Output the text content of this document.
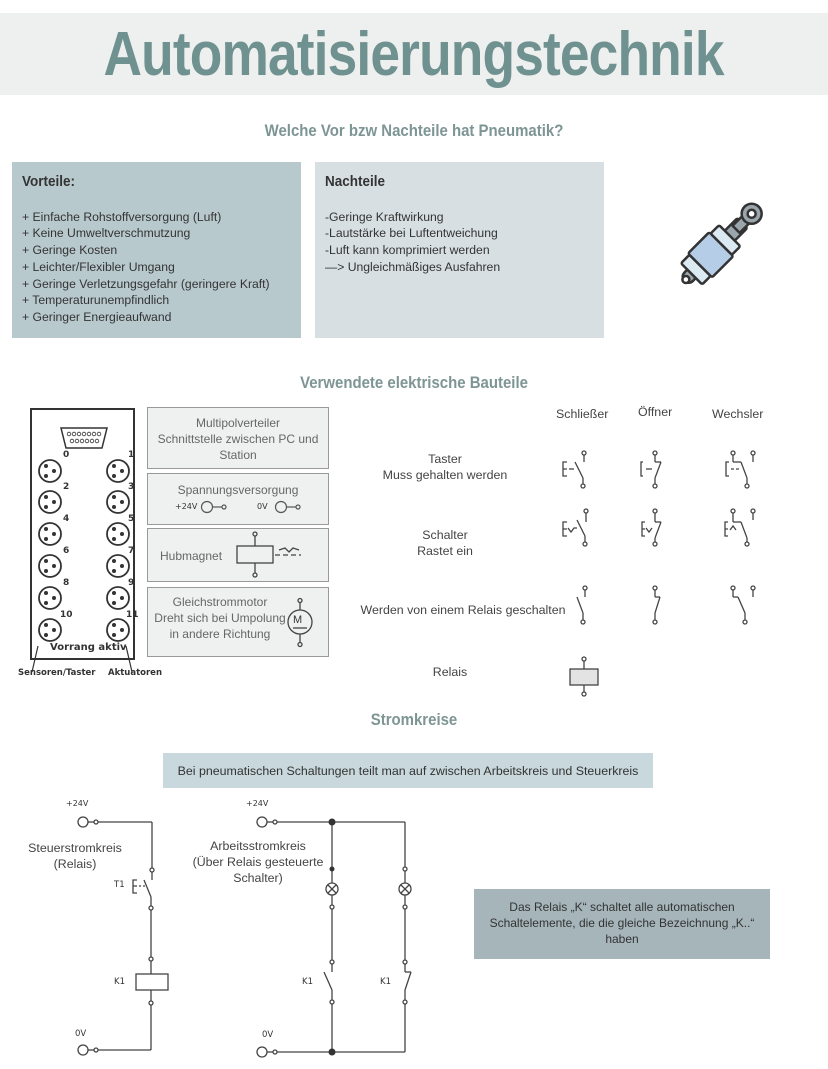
Automatisierungstechnik
Welche Vor bzw Nachteile hat Pneumatik?
Vorteile:
+ Einfache Rohstoffversorgung (Luft)
+ Keine Umweltverschmutzung
+ Geringe Kosten
+ Leichter/Flexibler Umgang
+ Geringe Verletzungsgefahr (geringere Kraft)
+ Temperaturunempfindlich
+ Geringer Energieaufwand
Nachteile
-Geringe Kraftwirkung
-Lautstärke bei Luftentweichung
-Luft kann komprimiert werden
—> Ungleichmäßiges Ausfahren
Verwendete elektrische Bauteile
0	1
2	3
4	5
6	7
8	9
10	11
Vorrang aktiv
Sensoren/Taster Aktuatoren
Multipolverteiler
Schnittstelle zwischen PC und
Station
Spannungsversorgung
+24V	0V
Hubmagnet
Gleichstrommotor
Dreht sich bei Umpolung
in andere Richtung
M
Schließer Öffner	Wechsler
Taster
Muss gehalten werden
Schalter
Rastet ein
Werden von einem Relais geschalten
Relais
Stromkreise
Bei pneumatischen Schaltungen teilt man auf zwischen Arbeitskreis und Steuerkreis
+24V
0V
Steuerstromkreis
(Relais)
T1
K1
+24V
0V
Arbeitsstromkreis
(Über Relais gesteuerte
Schalter)
K1	K1
Das Relais „K“ schaltet alle automatischen
Schaltelemente, die die gleiche Bezeichnung „K..“
haben
